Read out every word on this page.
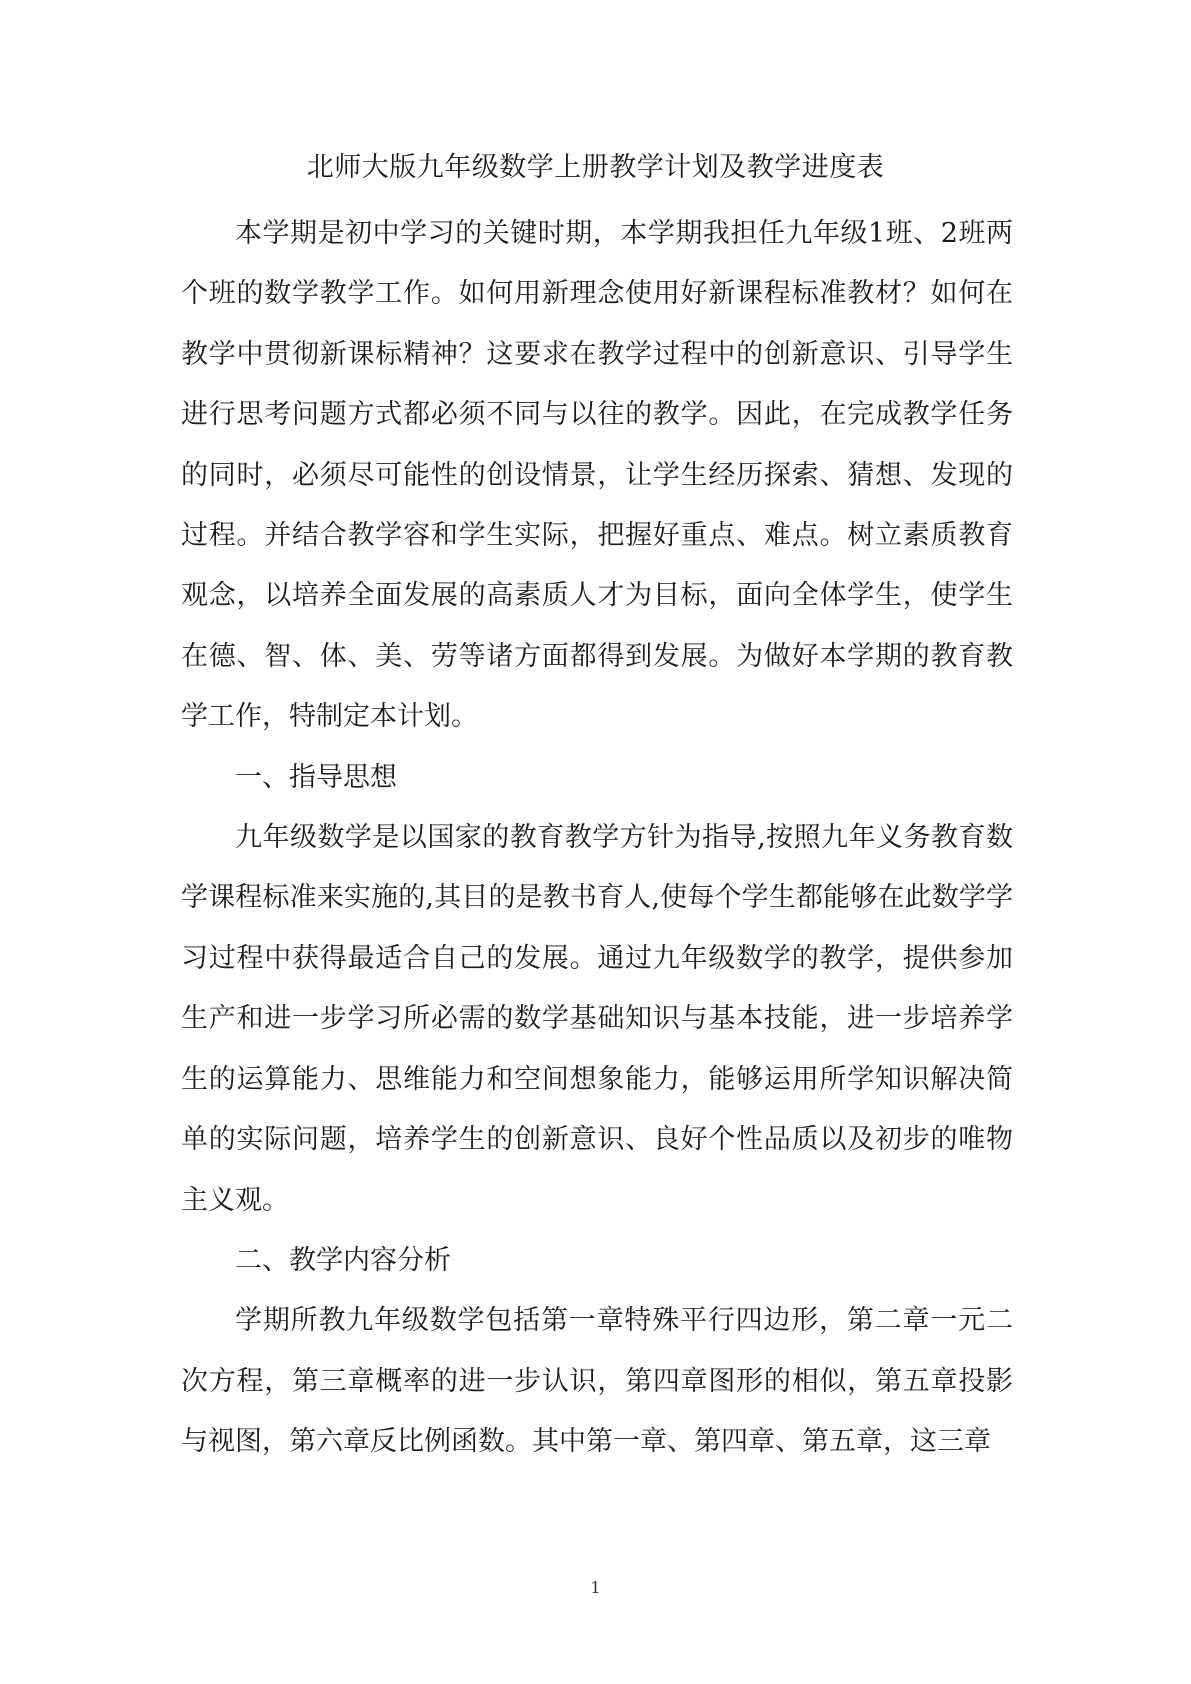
北师大版九年级数学上册教学计划及教学进度表

本学期是初中学习的关键时期，本学期我担任九年级1班、2班两个班的数学教学工作。如何用新理念使用好新课程标准教材？如何在教学中贯彻新课标精神？这要求在教学过程中的创新意识、引导学生进行思考问题方式都必须不同与以往的教学。因此，在完成教学任务的同时，必须尽可能性的创设情景，让学生经历探索、猜想、发现的过程。并结合教学容和学生实际，把握好重点、难点。树立素质教育观念，以培养全面发展的高素质人才为目标，面向全体学生，使学生在德、智、体、美、劳等诸方面都得到发展。为做好本学期的教育教学工作，特制定本计划。

一、指导思想

九年级数学是以国家的教育教学方针为指导,按照九年义务教育数学课程标准来实施的,其目的是教书育人,使每个学生都能够在此数学学习过程中获得最适合自己的发展。通过九年级数学的教学，提供参加生产和进一步学习所必需的数学基础知识与基本技能，进一步培养学生的运算能力、思维能力和空间想象能力，能够运用所学知识解决简单的实际问题，培养学生的创新意识、良好个性品质以及初步的唯物主义观。

二、教学内容分析

学期所教九年级数学包括第一章特殊平行四边形，第二章一元二次方程，第三章概率的进一步认识，第四章图形的相似，第五章投影与视图，第六章反比例函数。其中第一章、第四章、第五章，这三章

1
